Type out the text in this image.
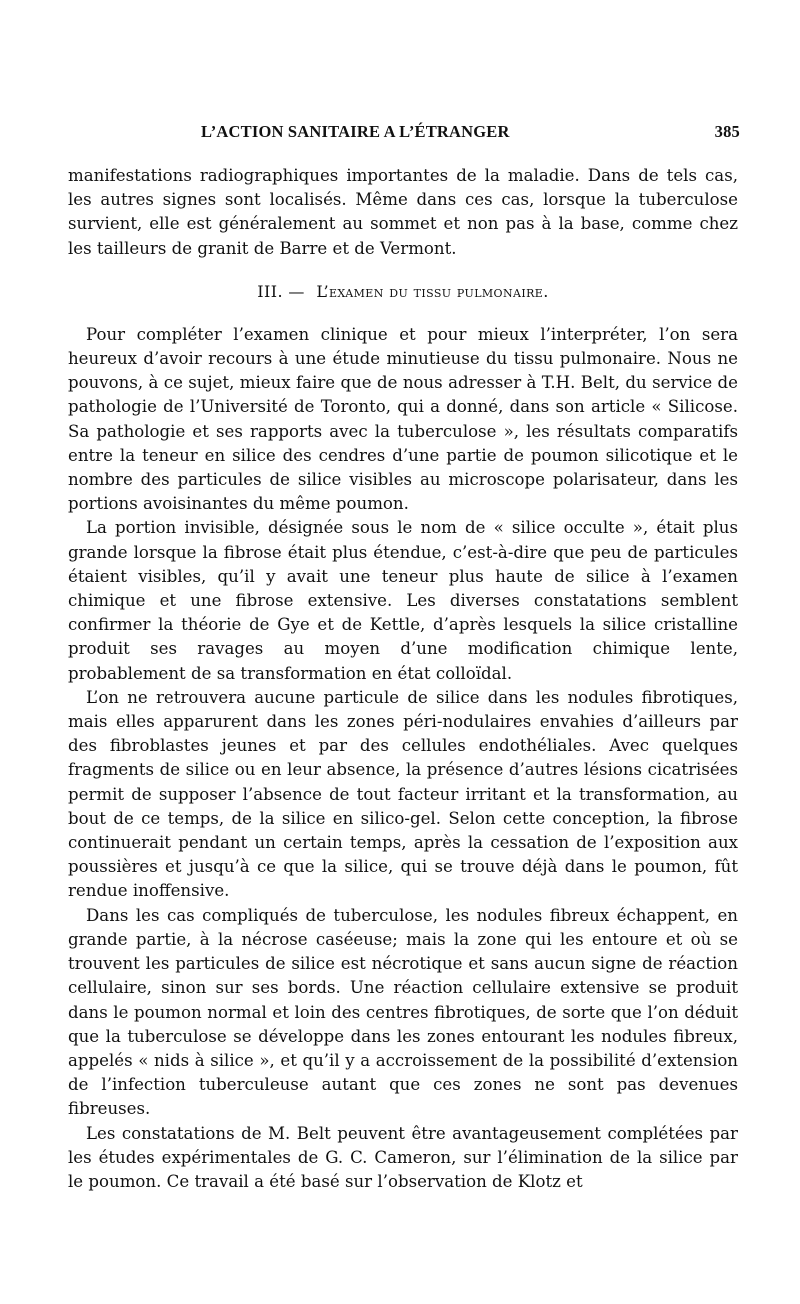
L’ACTION SANITAIRE A L’ÉTRANGER	385

manifestations radiographiques importantes de la maladie. Dans de tels cas, les autres signes sont localisés. Même dans ces cas, lorsque la tuberculose survient, elle est généralement au sommet et non pas à la base, comme chez les tailleurs de granit de Barre et de Vermont.

III. — L’examen du tissu pulmonaire.

Pour compléter l’examen clinique et pour mieux l’interpréter, l’on sera heureux d’avoir recours à une étude minutieuse du tissu pulmonaire. Nous ne pouvons, à ce sujet, mieux faire que de nous adresser à T.H. Belt, du service de pathologie de l’Université de Toronto, qui a donné, dans son article « Silicose. Sa pathologie et ses rapports avec la tuberculose », les résultats comparatifs entre la teneur en silice des cendres d’une partie de poumon silicotique et le nombre des particules de silice visibles au microscope polarisateur, dans les portions avoisinantes du même poumon.

La portion invisible, désignée sous le nom de « silice occulte », était plus grande lorsque la fibrose était plus étendue, c’est-à-dire que peu de particules étaient visibles, qu’il y avait une teneur plus haute de silice à l’examen chimique et une fibrose extensive. Les diverses constatations semblent confirmer la théorie de Gye et de Kettle, d’après lesquels la silice cristalline produit ses ravages au moyen d’une modification chimique lente, probablement de sa transformation en état colloïdal.

L’on ne retrouvera aucune particule de silice dans les nodules fibrotiques, mais elles apparurent dans les zones péri-nodulaires envahies d’ailleurs par des fibroblastes jeunes et par des cellules endothéliales. Avec quelques fragments de silice ou en leur absence, la présence d’autres lésions cicatrisées permit de supposer l’absence de tout facteur irritant et la transformation, au bout de ce temps, de la silice en silico-gel. Selon cette conception, la fibrose continuerait pendant un certain temps, après la cessation de l’exposition aux poussières et jusqu’à ce que la silice, qui se trouve déjà dans le poumon, fût rendue inoffensive.

Dans les cas compliqués de tuberculose, les nodules fibreux échappent, en grande partie, à la nécrose caséeuse; mais la zone qui les entoure et où se trouvent les particules de silice est nécrotique et sans aucun signe de réaction cellulaire, sinon sur ses bords. Une réaction cellulaire extensive se produit dans le poumon normal et loin des centres fibrotiques, de sorte que l’on déduit que la tuberculose se développe dans les zones entourant les nodules fibreux, appelés « nids à silice », et qu’il y a accroissement de la possibilité d’extension de l’infection tuberculeuse autant que ces zones ne sont pas devenues fibreuses.

Les constatations de M. Belt peuvent être avantageusement complétées par les études expérimentales de G. C. Cameron, sur l’élimination de la silice par le poumon. Ce travail a été basé sur l’observation de Klotz et
